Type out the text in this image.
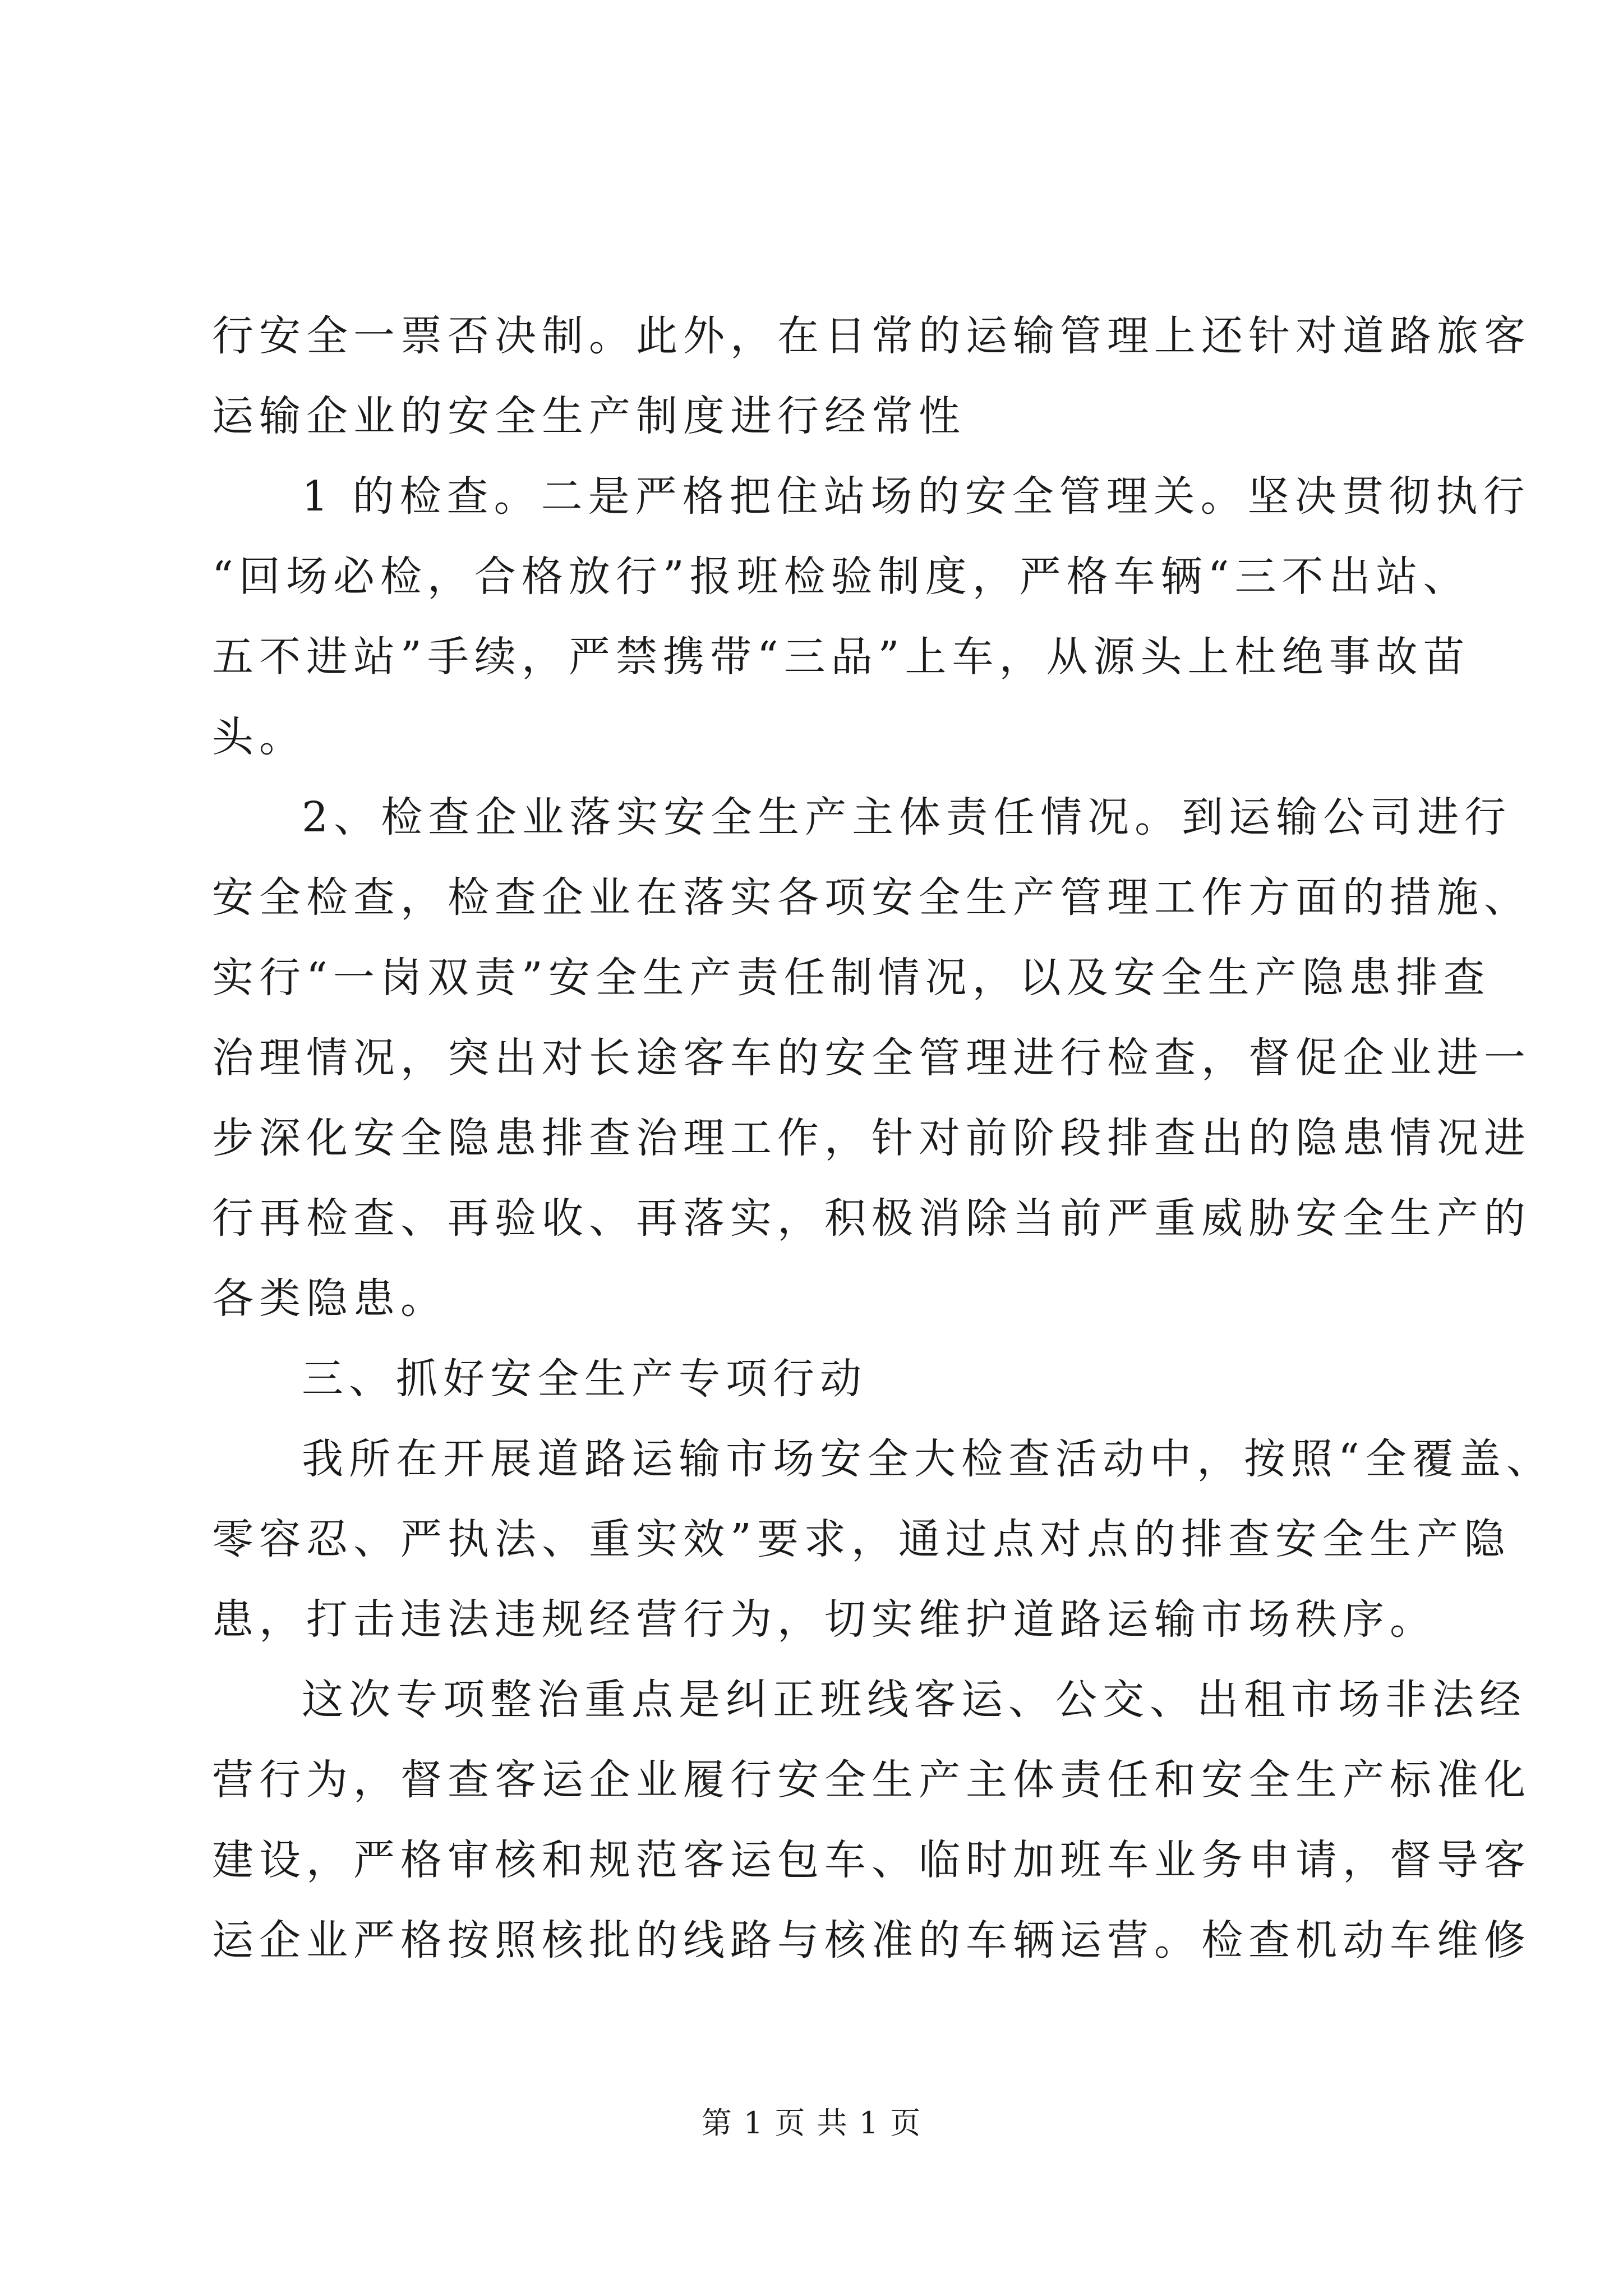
行安全一票否决制。此外，在日常的运输管理上还针对道路旅客
运输企业的安全生产制度进行经常性
1 的检查。二是严格把住站场的安全管理关。坚决贯彻执行
“回场必检，合格放行”报班检验制度，严格车辆“三不出站、
五不进站”手续，严禁携带“三品”上车，从源头上杜绝事故苗
头。
2、检查企业落实安全生产主体责任情况。到运输公司进行
安全检查，检查企业在落实各项安全生产管理工作方面的措施、
实行“一岗双责”安全生产责任制情况，以及安全生产隐患排查
治理情况，突出对长途客车的安全管理进行检查，督促企业进一
步深化安全隐患排查治理工作，针对前阶段排查出的隐患情况进
行再检查、再验收、再落实，积极消除当前严重威胁安全生产的
各类隐患。
三、抓好安全生产专项行动
我所在开展道路运输市场安全大检查活动中，按照“全覆盖、
零容忍、严执法、重实效”要求，通过点对点的排查安全生产隐
患，打击违法违规经营行为，切实维护道路运输市场秩序。
这次专项整治重点是纠正班线客运、公交、出租市场非法经
营行为，督查客运企业履行安全生产主体责任和安全生产标准化
建设，严格审核和规范客运包车、临时加班车业务申请，督导客
运企业严格按照核批的线路与核准的车辆运营。检查机动车维修
第 1 页 共 1 页
